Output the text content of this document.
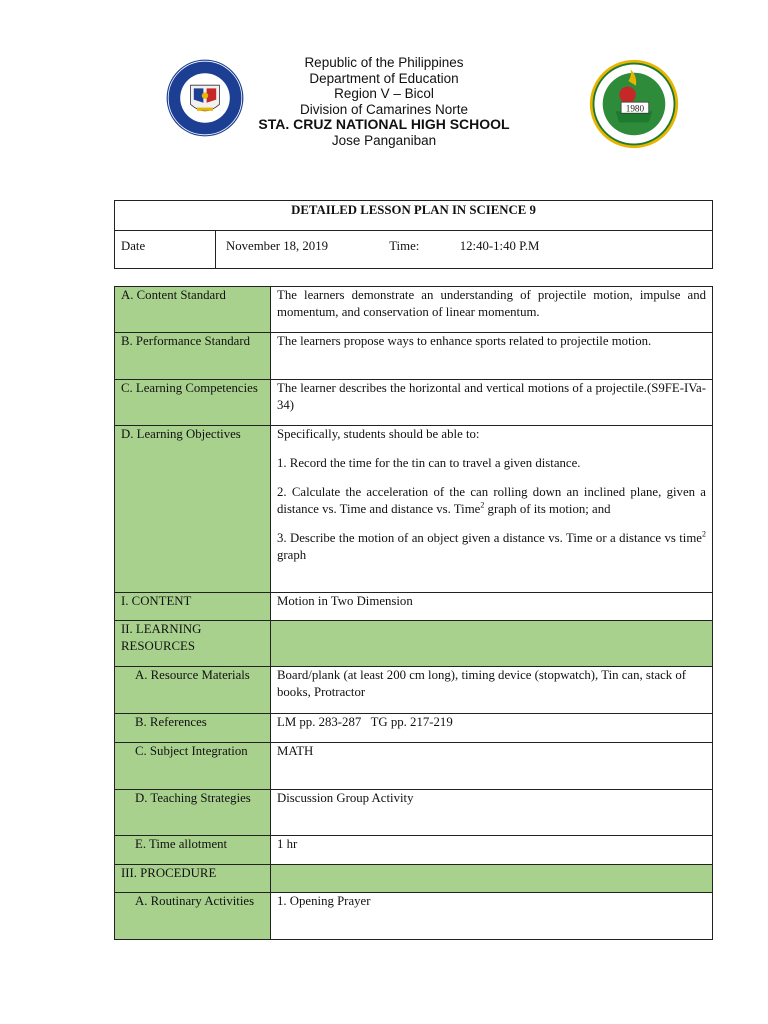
1980
Republic of the Philippines
Department of Education
Region V – Bicol
Division of Camarines Norte
STA. CRUZ NATIONAL HIGH SCHOOL
Jose Panganiban
DETAILED LESSON PLAN IN SCIENCE 9
Date	November 18, 2019	Time:	12:40-1:40 P.M
A. Content Standard	The learners demonstrate an understanding of projectile motion, impulse and momentum, and conservation of linear momentum.
B. Performance Standard	The learners propose ways to enhance sports related to projectile motion.
C. Learning Competencies	The learner describes the horizontal and vertical motions of a projectile.(S9FE-IVa-34)
D. Learning Objectives	Specifically, students should be able to:

1. Record the time for the tin can to travel a given distance.

2. Calculate the acceleration of the can rolling down an inclined plane, given a distance vs. Time and distance vs. Time$^2$ graph of its motion; and

3. Describe the motion of an object given a distance vs. Time or a distance vs time$^2$ graph

I. CONTENT	Motion in Two Dimension
II. LEARNING RESOURCES	
A. Resource Materials	Board/plank (at least 200 cm long), timing device (stopwatch), Tin can, stack of books, Protractor
B. References	LM pp. 283-287   TG pp. 217-219
C. Subject Integration	MATH
D. Teaching Strategies	Discussion Group Activity
E. Time allotment	1 hr
III. PROCEDURE	
A. Routinary Activities	1. Opening Prayer
